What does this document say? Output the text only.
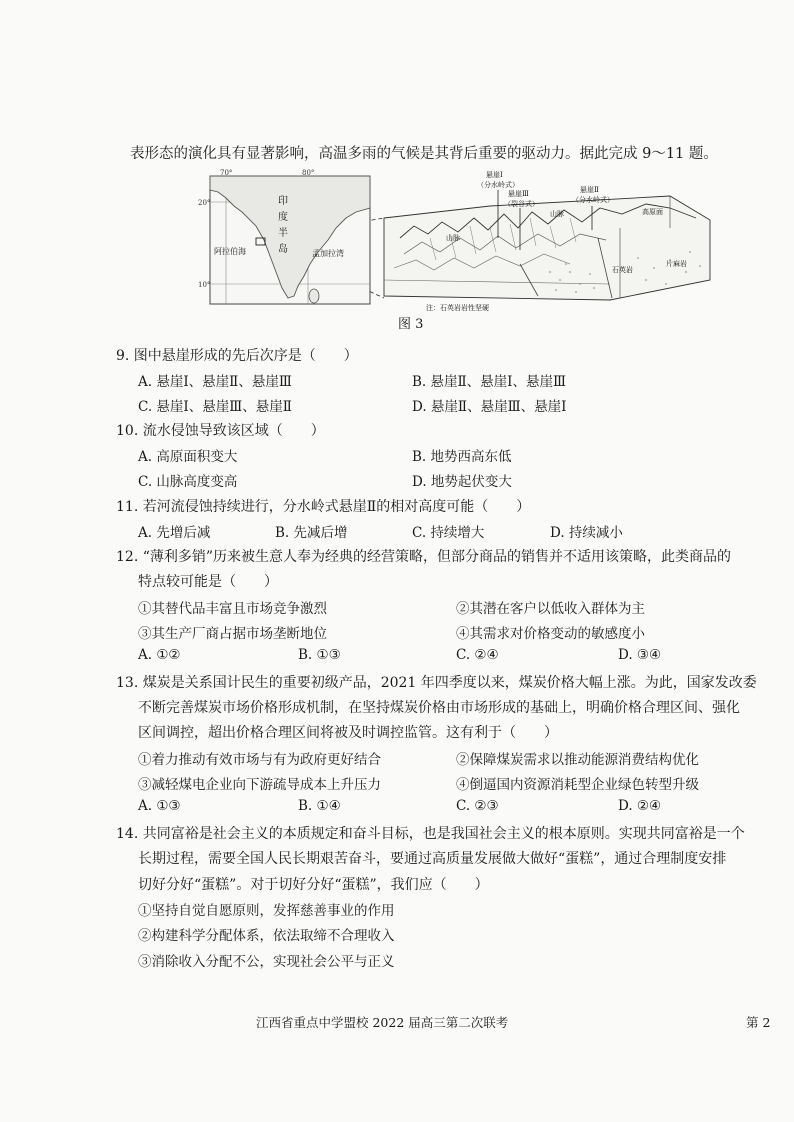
表形态的演化具有显著影响，高温多雨的气候是其背后重要的驱动力。据此完成 9～11 题。
70°	80°
20°
10°
印
度
半
岛
阿拉伯海	孟加拉湾
悬崖Ⅰ
（分水岭式）
悬崖Ⅲ
（裂谷式）
悬崖Ⅱ
（分水岭式）
山脉	高原面
山脉
石英岩
片麻岩
注：石英岩岩性坚硬
图 3
9. 图中悬崖形成的先后次序是（　　）
A. 悬崖Ⅰ、悬崖Ⅱ、悬崖Ⅲ	B. 悬崖Ⅱ、悬崖Ⅰ、悬崖Ⅲ
C. 悬崖Ⅰ、悬崖Ⅲ、悬崖Ⅱ	D. 悬崖Ⅱ、悬崖Ⅲ、悬崖Ⅰ
10. 流水侵蚀导致该区域（　　）
A. 高原面积变大	B. 地势西高东低
C. 山脉高度变高	D. 地势起伏变大
11. 若河流侵蚀持续进行，分水岭式悬崖Ⅱ的相对高度可能（　　）
A. 先增后减	B. 先减后增	C. 持续增大	D. 持续减小
12. “薄利多销”历来被生意人奉为经典的经营策略，但部分商品的销售并不适用该策略，此类商品的
特点较可能是（　　）
①其替代品丰富且市场竞争激烈	②其潜在客户以低收入群体为主
③其生产厂商占据市场垄断地位	④其需求对价格变动的敏感度小
A. ①②	B. ①③	C. ②④	D. ③④
13. 煤炭是关系国计民生的重要初级产品，2021 年四季度以来，煤炭价格大幅上涨。为此，国家发改委
不断完善煤炭市场价格形成机制，在坚持煤炭价格由市场形成的基础上，明确价格合理区间、强化
区间调控，超出价格合理区间将被及时调控监管。这有利于（　　）
①着力推动有效市场与有为政府更好结合	②保障煤炭需求以推动能源消费结构优化
③减轻煤电企业向下游疏导成本上升压力	④倒逼国内资源消耗型企业绿色转型升级
A. ①③	B. ①④	C. ②③	D. ②④
14. 共同富裕是社会主义的本质规定和奋斗目标，也是我国社会主义的根本原则。实现共同富裕是一个
长期过程，需要全国人民长期艰苦奋斗，要通过高质量发展做大做好“蛋糕”，通过合理制度安排
切好分好“蛋糕”。对于切好分好“蛋糕”，我们应（　　）
①坚持自觉自愿原则，发挥慈善事业的作用
②构建科学分配体系，依法取缔不合理收入
③消除收入分配不公，实现社会公平与正义
江西省重点中学盟校 2022 届高三第二次联考	第 2
